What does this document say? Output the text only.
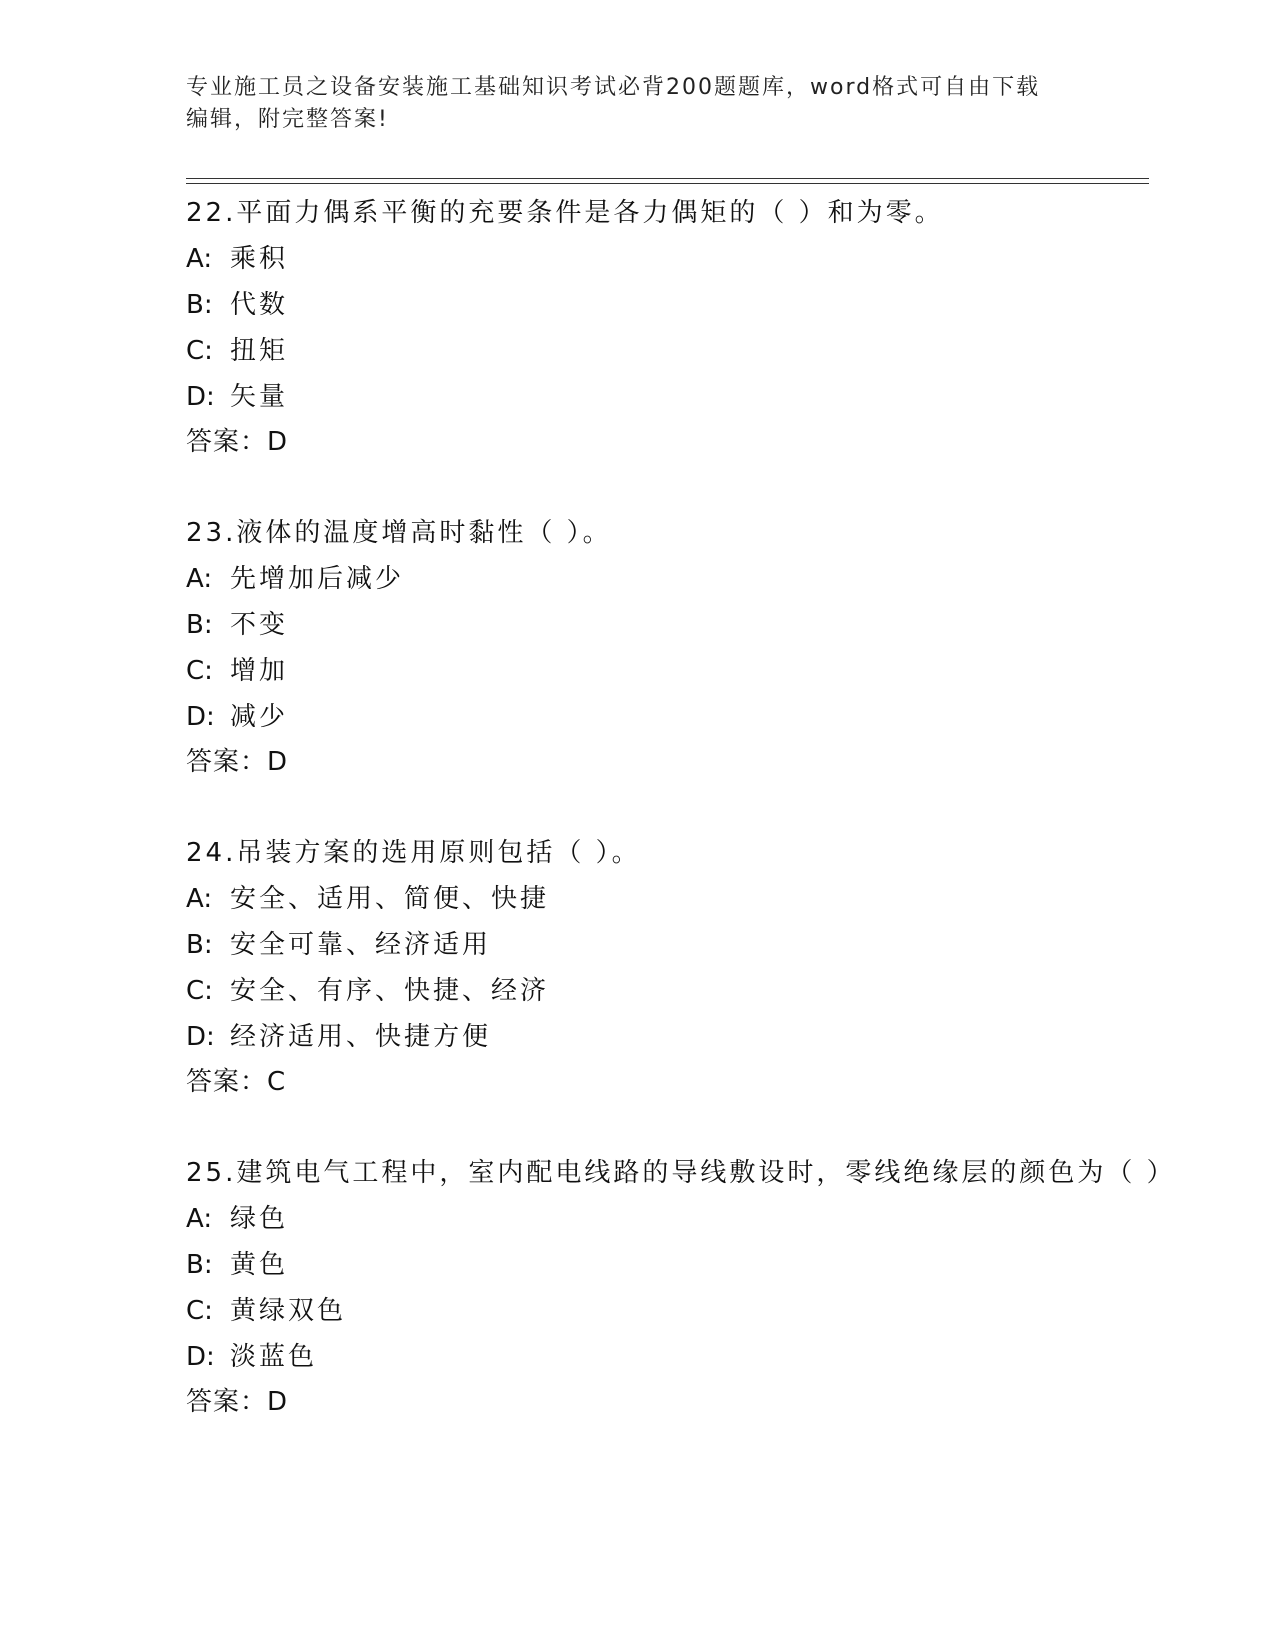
专业施工员之设备安装施工基础知识考试必背200题题库，word格式可自由下载
编辑，附完整答案!
22.平面力偶系平衡的充要条件是各力偶矩的（ ）和为零。
A: 乘积
B: 代数
C: 扭矩
D: 矢量
答案：D
23.液体的温度增高时黏性（ ）。
A: 先增加后减少
B: 不变
C: 增加
D: 减少
答案：D
24.吊装方案的选用原则包括（ ）。
A: 安全、适用、简便、快捷
B: 安全可靠、经济适用
C: 安全、有序、快捷、经济
D: 经济适用、快捷方便
答案：C
25.建筑电气工程中，室内配电线路的导线敷设时，零线绝缘层的颜色为（ ）
A: 绿色
B: 黄色
C: 黄绿双色
D: 淡蓝色
答案：D
